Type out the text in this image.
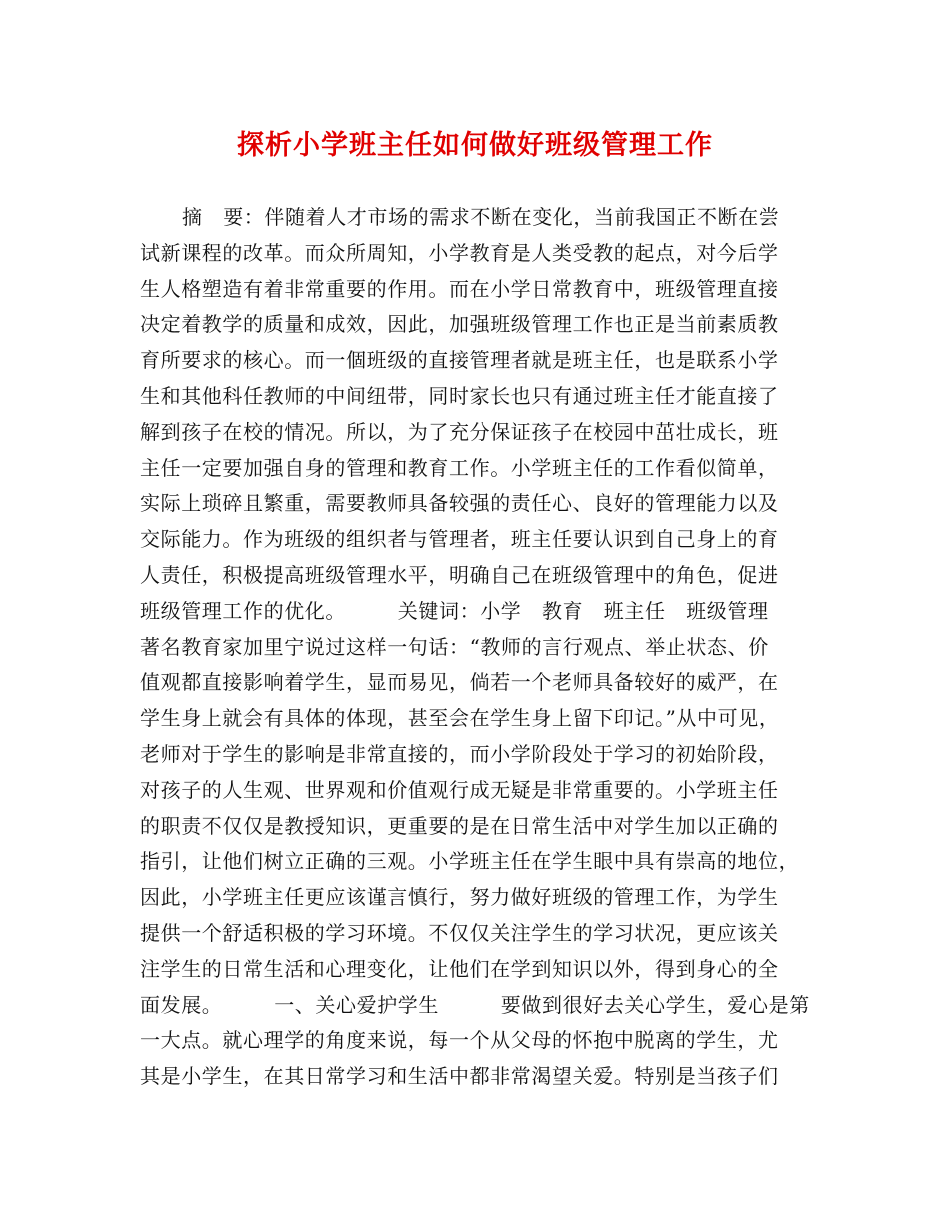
探析小学班主任如何做好班级管理工作
摘　要：伴随着人才市场的需求不断在变化，当前我国正不断在尝
试新课程的改革。而众所周知，小学教育是人类受教的起点，对今后学
生人格塑造有着非常重要的作用。而在小学日常教育中，班级管理直接
决定着教学的质量和成效，因此，加强班级管理工作也正是当前素质教
育所要求的核心。而一個班级的直接管理者就是班主任，也是联系小学
生和其他科任教师的中间纽带，同时家长也只有通过班主任才能直接了
解到孩子在校的情况。所以，为了充分保证孩子在校园中茁壮成长，班
主任一定要加强自身的管理和教育工作。小学班主任的工作看似简单，
实际上琐碎且繁重，需要教师具备较强的责任心、良好的管理能力以及
交际能力。作为班级的组织者与管理者，班主任要认识到自己身上的育
人责任，积极提高班级管理水平，明确自己在班级管理中的角色，促进
班级管理工作的优化。　　　关键词：小学　教育　班主任　班级管理
著名教育家加里宁说过这样一句话：“教师的言行观点、举止状态、价
值观都直接影响着学生，显而易见，倘若一个老师具备较好的威严，在
学生身上就会有具体的体现，甚至会在学生身上留下印记。”从中可见，
老师对于学生的影响是非常直接的，而小学阶段处于学习的初始阶段，
对孩子的人生观、世界观和价值观行成无疑是非常重要的。小学班主任
的职责不仅仅是教授知识，更重要的是在日常生活中对学生加以正确的
指引，让他们树立正确的三观。小学班主任在学生眼中具有崇高的地位，
因此，小学班主任更应该谨言慎行，努力做好班级的管理工作，为学生
提供一个舒适积极的学习环境。不仅仅关注学生的学习状况，更应该关
注学生的日常生活和心理变化，让他们在学到知识以外，得到身心的全
面发展。　　　一、关心爱护学生　　　要做到很好去关心学生，爱心是第
一大点。就心理学的角度来说，每一个从父母的怀抱中脱离的学生，尤
其是小学生，在其日常学习和生活中都非常渴望关爱。特别是当孩子们
